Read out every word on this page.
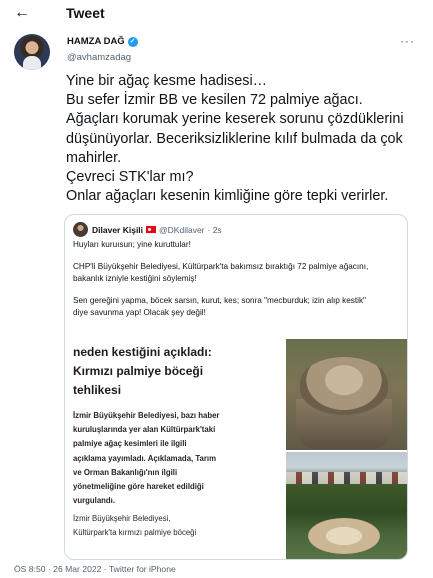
←	Tweet
HAMZA DAĞ ✓
@avhamzadag
···
Yine bir ağaç kesme hadisesi…
Bu sefer İzmir BB ve kesilen 72 palmiye ağacı.
Ağaçları korumak yerine keserek sorunu çözdüklerini
düşünüyorlar. Beceriksizliklerine kılıf bulmada da çok
mahirler.
Çevreci STK'lar mı?
Onlar ağaçları kesenin kimliğine göre tepki verirler.
Dilaver Kişili @DKdilaver · 2s

Huyları kuruısun; yine kuruttular!

CHP'li Büyükşehir Belediyesi, Kültürpark'ta bakımsız bıraktığı 72 palmiye ağacını,
bakanlık izniyle kestiğini söylemiş!

Sen gereğini yapma, böcek sarsın, kurut, kes; sonra "mecburduk; izin alıp kestik"
diye savunma yap! Olacak şey değil!

neden kestiğini açıkladı:
Kırmızı palmiye böceği
tehlikesi
İzmir Büyükşehir Belediyesi, bazı haber
kuruluşlarında yer alan Kültürpark'taki
palmiye ağaç kesimleri ile ilgili
açıklama yayımladı. Açıklamada, Tarım
ve Orman Bakanlığı'nın ilgili
yönetmeliğine göre hareket edildiği
vurgulandı.
İzmir Büyükşehir Belediyesi,
Kültürpark'ta kırmızı palmiye böceği
ÖS 8:50 · 26 Mar 2022 · Twitter for iPhone
